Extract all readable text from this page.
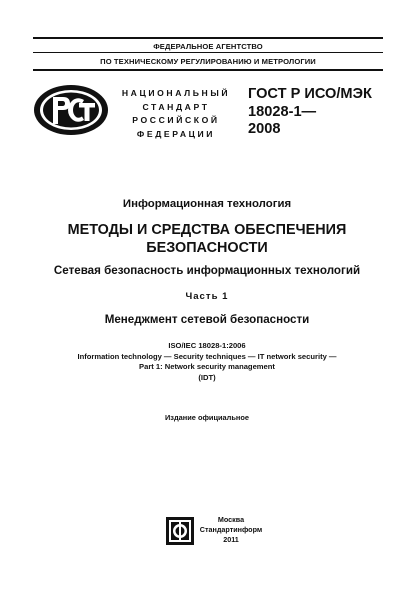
ФЕДЕРАЛЬНОЕ АГЕНТСТВО
ПО ТЕХНИЧЕСКОМУ РЕГУЛИРОВАНИЮ И МЕТРОЛОГИИ
НАЦИОНАЛЬНЫЙ
СТАНДАРТ
РОССИЙСКОЙ
ФЕДЕРАЦИИ
ГОСТ Р ИСО/МЭК
18028-1—
2008
Информационная технология
МЕТОДЫ И СРЕДСТВА ОБЕСПЕЧЕНИЯ
БЕЗОПАСНОСТИ
Сетевая безопасность информационных технологий
Часть 1
Менеджмент сетевой безопасности
ISO/IEC 18028-1:2006
Information technology — Security techniques — IT network security —
Part 1: Network security management
(IDT)
Издание официальное
Москва
Стандартинформ
2011
